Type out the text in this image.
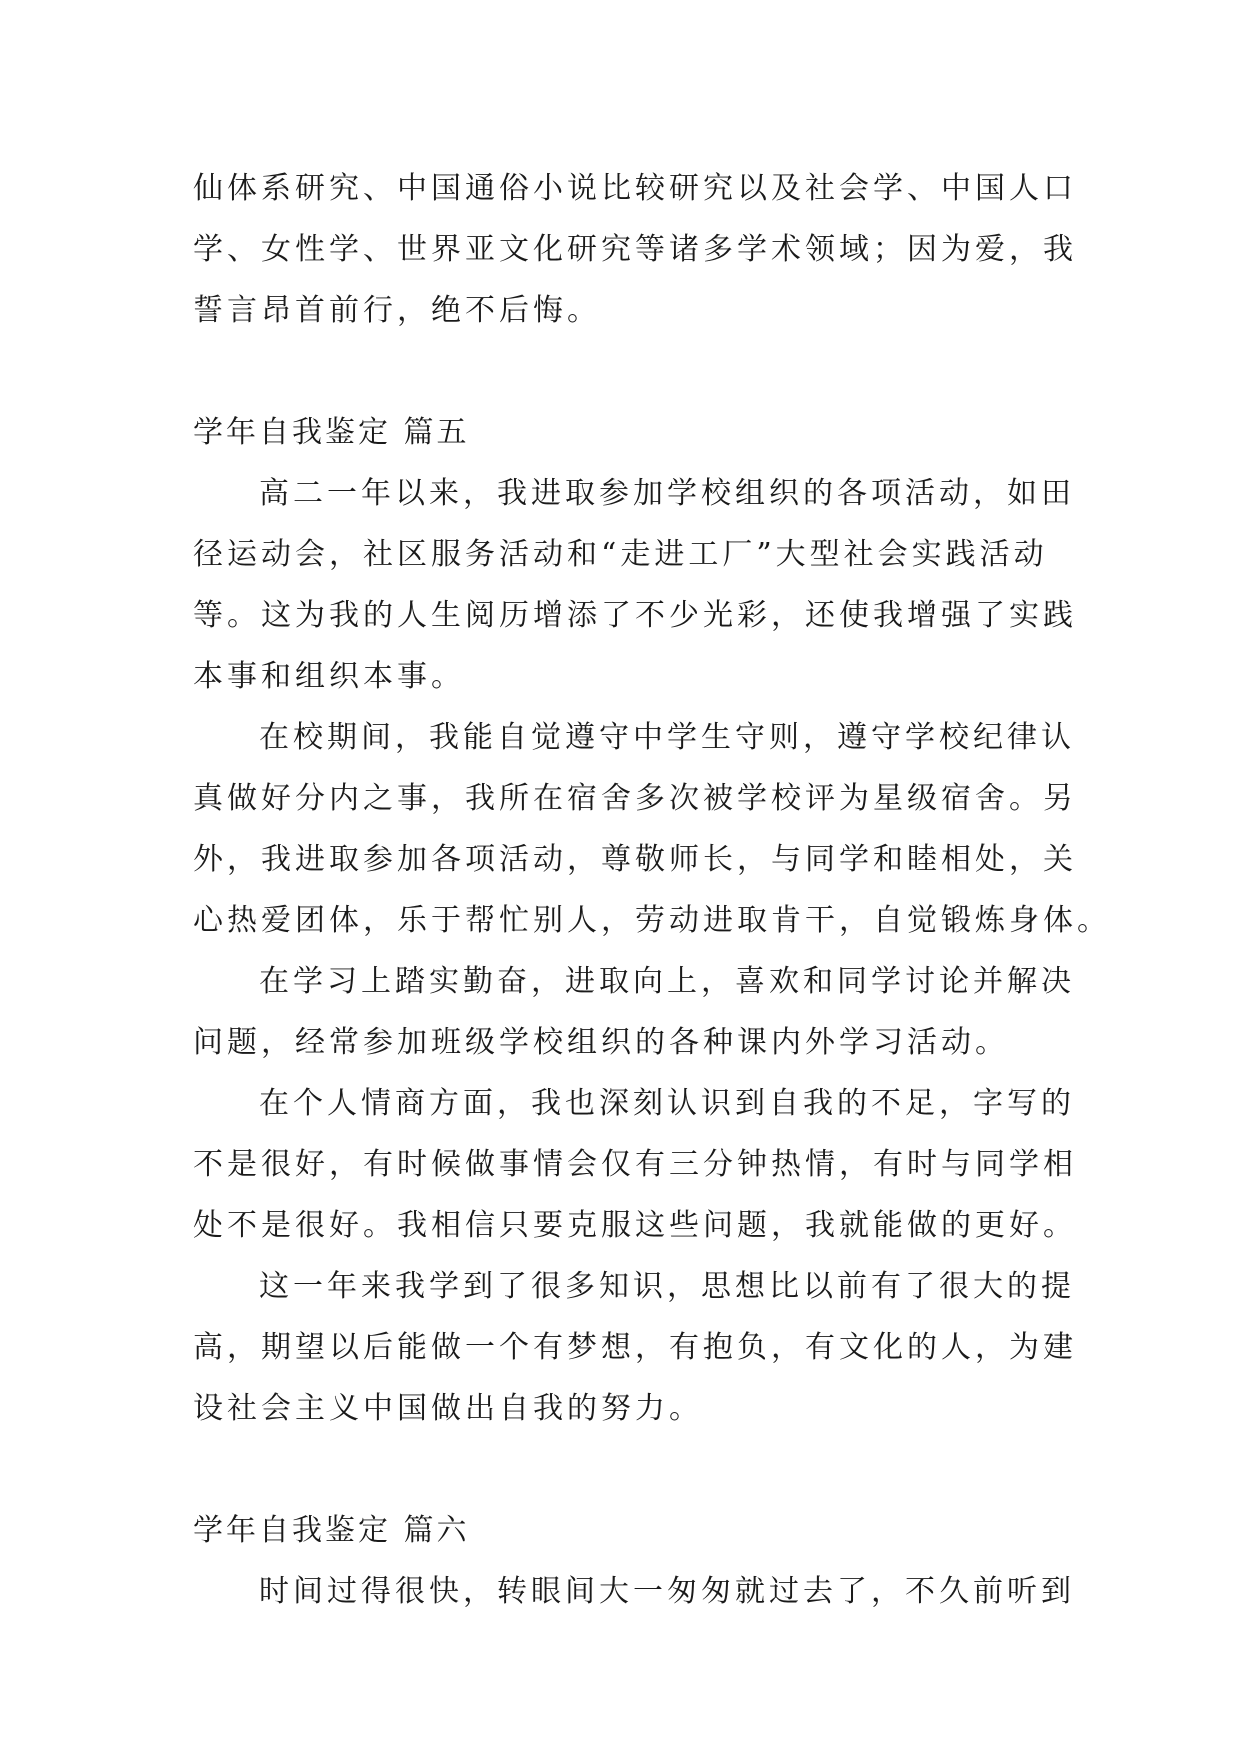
仙体系研究、中国通俗小说比较研究以及社会学、中国人口
学、女性学、世界亚文化研究等诸多学术领域；因为爱，我
誓言昂首前行，绝不后悔。
学年自我鉴定 篇五
高二一年以来，我进取参加学校组织的各项活动，如田
径运动会，社区服务活动和“走进工厂”大型社会实践活动
等。这为我的人生阅历增添了不少光彩，还使我增强了实践
本事和组织本事。
在校期间，我能自觉遵守中学生守则，遵守学校纪律认
真做好分内之事，我所在宿舍多次被学校评为星级宿舍。另
外，我进取参加各项活动，尊敬师长，与同学和睦相处，关
心热爱团体，乐于帮忙别人，劳动进取肯干，自觉锻炼身体。
在学习上踏实勤奋，进取向上，喜欢和同学讨论并解决
问题，经常参加班级学校组织的各种课内外学习活动。
在个人情商方面，我也深刻认识到自我的不足，字写的
不是很好，有时候做事情会仅有三分钟热情，有时与同学相
处不是很好。我相信只要克服这些问题，我就能做的更好。
这一年来我学到了很多知识，思想比以前有了很大的提
高，期望以后能做一个有梦想，有抱负，有文化的人，为建
设社会主义中国做出自我的努力。
学年自我鉴定 篇六
时间过得很快，转眼间大一匆匆就过去了，不久前听到
